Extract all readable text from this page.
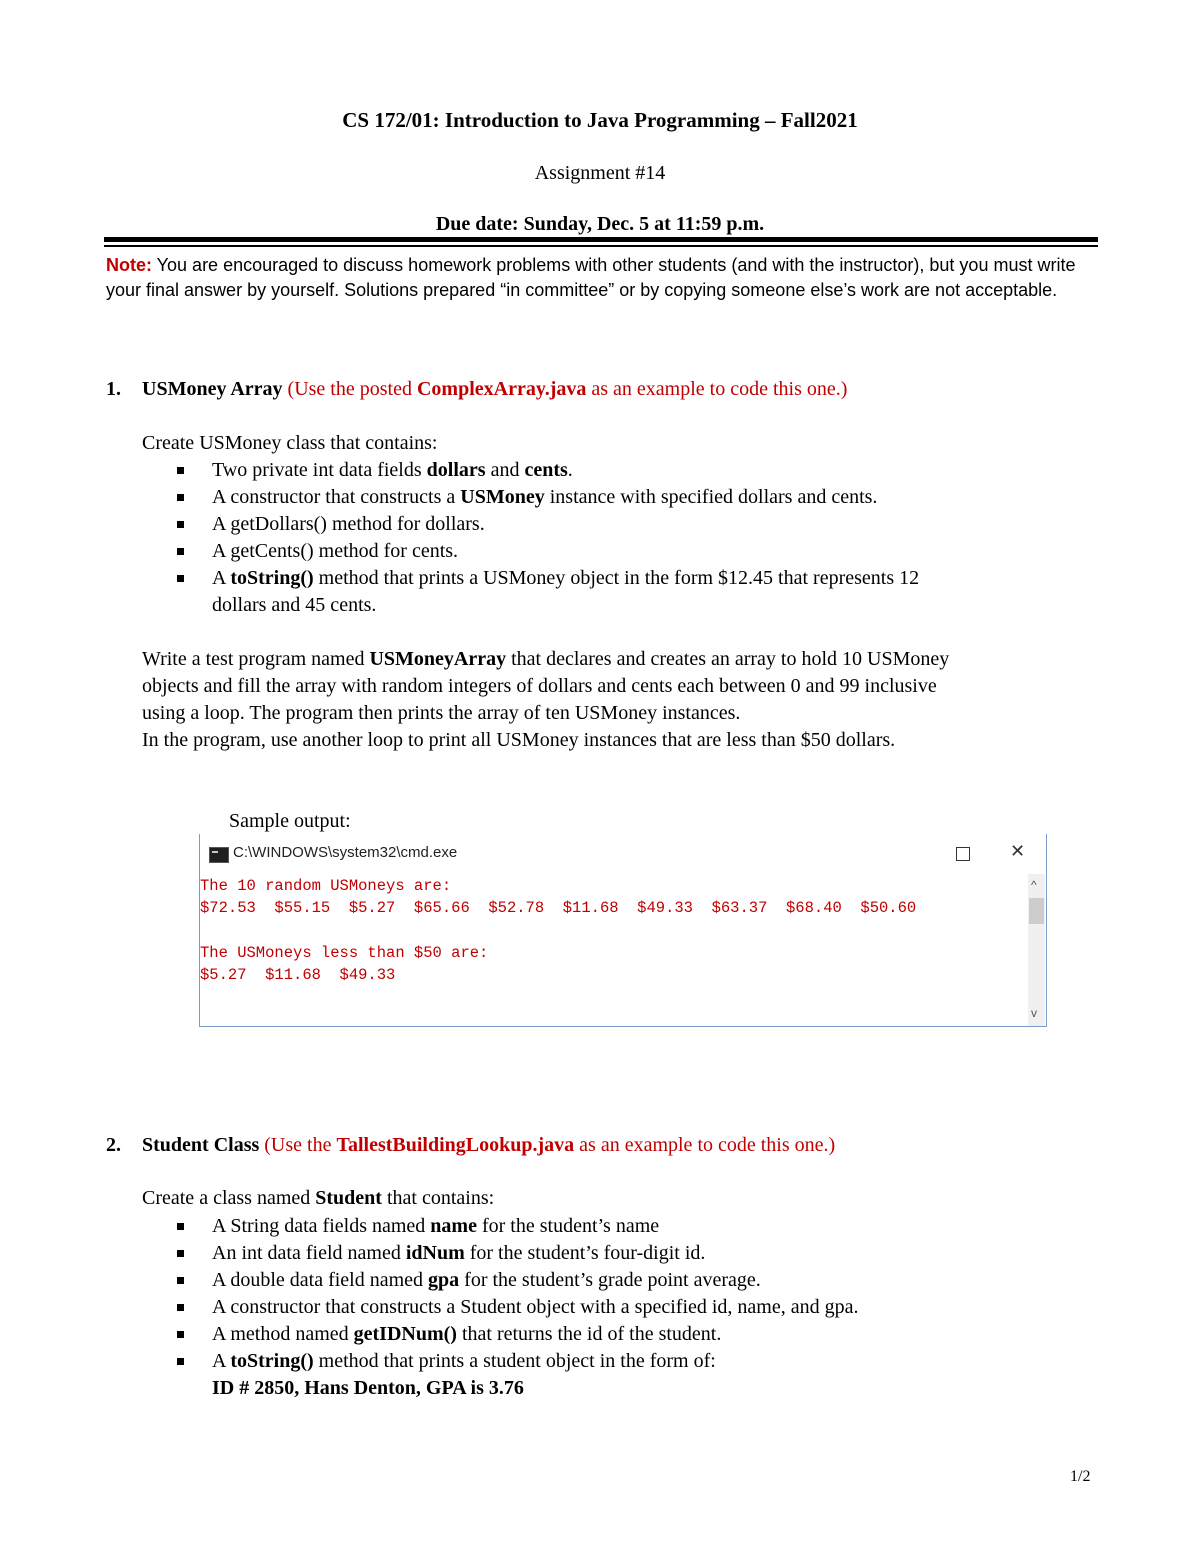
CS 172/01: Introduction to Java Programming – Fall2021
Assignment #14
Due date: Sunday, Dec. 5 at 11:59 p.m.
Note: You are encouraged to discuss homework problems with other students (and with the instructor), but you must write your final answer by yourself. Solutions prepared “in committee” or by copying someone else’s work are not acceptable.
1. USMoney Array (Use the posted ComplexArray.java as an example to code this one.)
Create USMoney class that contains:
Two private int data fields dollars and cents.
A constructor that constructs a USMoney instance with specified dollars and cents.
A getDollars() method for dollars.
A getCents() method for cents.
A toString() method that prints a USMoney object in the form $12.45 that represents 12
dollars and 45 cents.
Write a test program named USMoneyArray that declares and creates an array to hold 10 USMoney
objects and fill the array with random integers of dollars and cents each between 0 and 99 inclusive
using a loop. The program then prints the array of ten USMoney instances.
In the program, use another loop to print all USMoney instances that are less than $50 dollars.
Sample output:
C:\WINDOWS\system32\cmd.exe	✕
The 10 random USMoneys are:
$72.53  $55.15  $5.27  $65.66  $52.78  $11.68  $49.33  $63.37  $68.40  $50.60
The USMoneys less than $50 are:
$5.27  $11.68  $49.33
^
v
2. Student Class (Use the TallestBuildingLookup.java as an example to code this one.)
Create a class named Student that contains:
A String data fields named name for the student’s name
An int data field named idNum for the student’s four-digit id.
A double data field named gpa for the student’s grade point average.
A constructor that constructs a Student object with a specified id, name, and gpa.
A method named getIDNum() that returns the id of the student.
A toString() method that prints a student object in the form of:
ID # 2850, Hans Denton, GPA is 3.76
1/2
